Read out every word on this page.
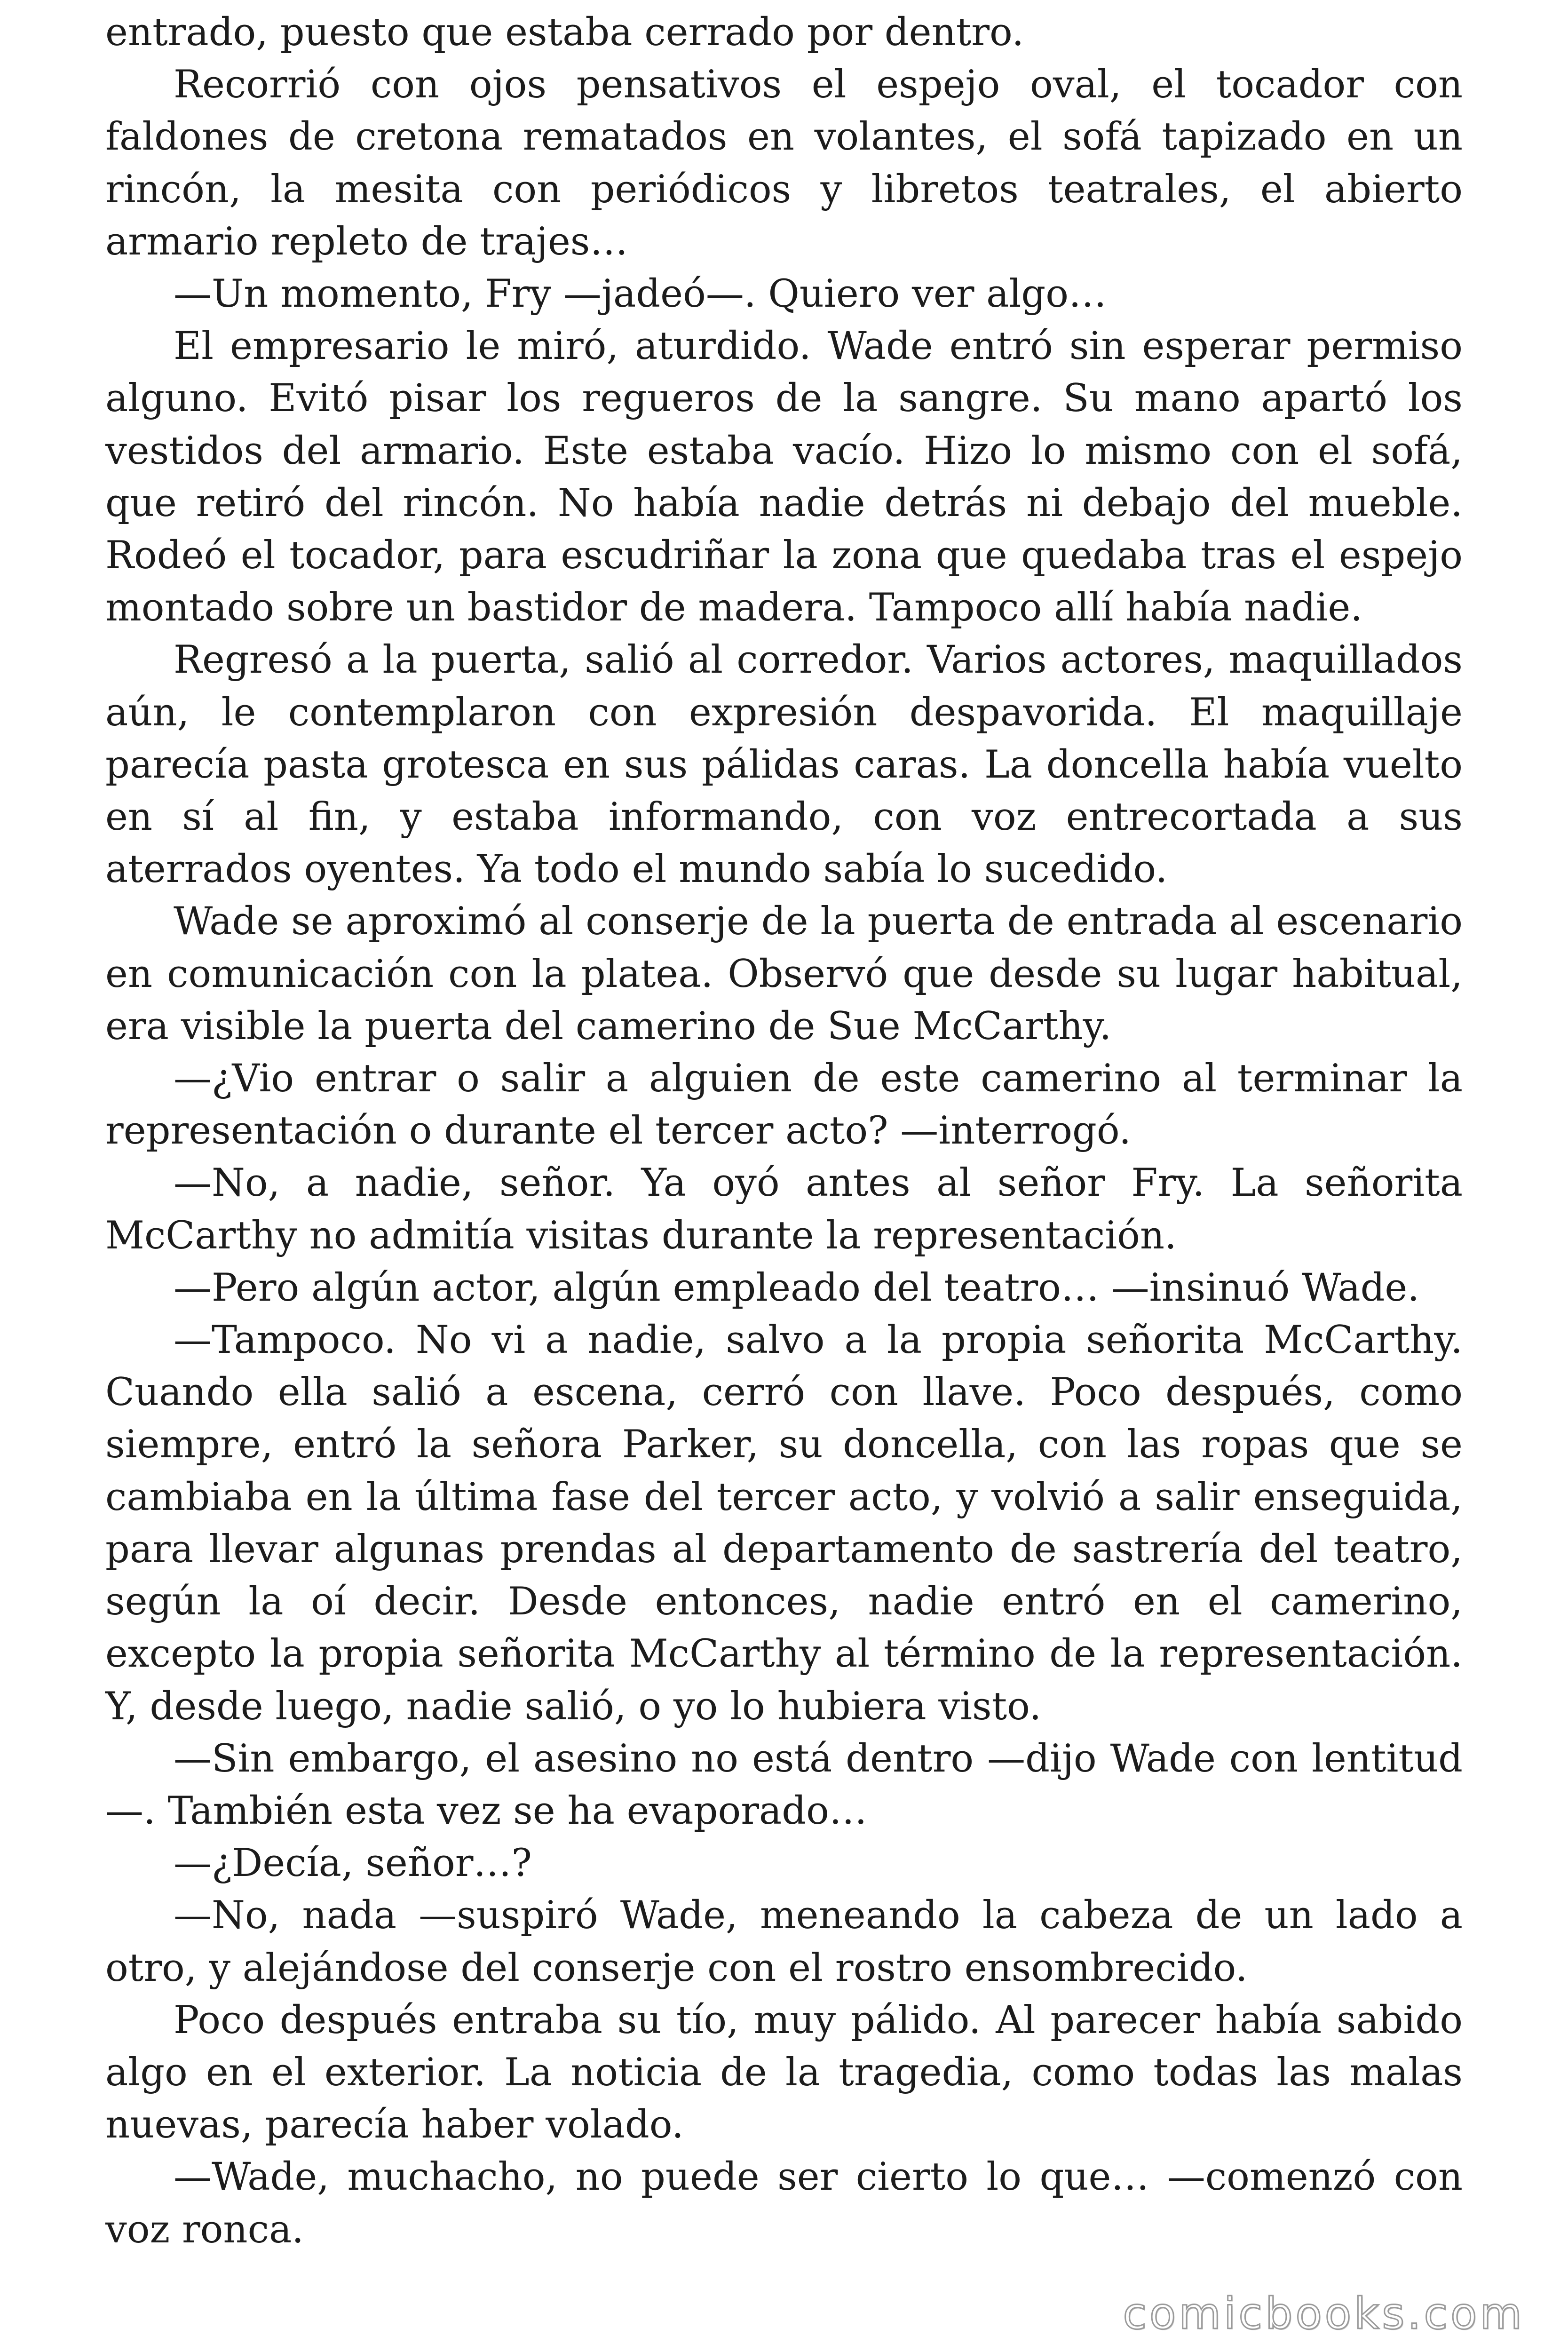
entrado, puesto que estaba cerrado por dentro.

Recorrió con ojos pensativos el espejo oval, el tocador con faldones de cretona rematados en volantes, el sofá tapizado en un rincón, la mesita con periódicos y libretos teatrales, el abierto armario repleto de trajes…

—Un momento, Fry —jadeó—. Quiero ver algo…

El empresario le miró, aturdido. Wade entró sin esperar permiso alguno. Evitó pisar los regueros de la sangre. Su mano apartó los vestidos del armario. Este estaba vacío. Hizo lo mismo con el sofá, que retiró del rincón. No había nadie detrás ni debajo del mueble. Rodeó el tocador, para escudriñar la zona que quedaba tras el espejo montado sobre un bastidor de madera. Tampoco allí había nadie.

Regresó a la puerta, salió al corredor. Varios actores, maquillados aún, le contemplaron con expresión despavorida. El maquillaje parecía pasta grotesca en sus pálidas caras. La doncella había vuelto en sí al fin, y estaba informando, con voz entrecortada a sus aterrados oyentes. Ya todo el mundo sabía lo sucedido.

Wade se aproximó al conserje de la puerta de entrada al escenario en comunicación con la platea. Observó que desde su lugar habitual, era visible la puerta del camerino de Sue McCarthy.

—¿Vio entrar o salir a alguien de este camerino al terminar la representación o durante el tercer acto? —interrogó.

—No, a nadie, señor. Ya oyó antes al señor Fry. La señorita McCarthy no admitía visitas durante la representación.

—Pero algún actor, algún empleado del teatro… —insinuó Wade.

—Tampoco. No vi a nadie, salvo a la propia señorita McCarthy. Cuando ella salió a escena, cerró con llave. Poco después, como siempre, entró la señora Parker, su doncella, con las ropas que se cambiaba en la última fase del tercer acto, y volvió a salir enseguida, para llevar algunas prendas al departamento de sastrería del teatro, según la oí decir. Desde entonces, nadie entró en el camerino, excepto la propia señorita McCarthy al término de la representación. Y, desde luego, nadie salió, o yo lo hubiera visto.

—Sin embargo, el asesino no está dentro —dijo Wade con lentitud —. También esta vez se ha evaporado…

—¿Decía, señor…?

—No, nada —suspiró Wade, meneando la cabeza de un lado a otro, y alejándose del conserje con el rostro ensombrecido.

Poco después entraba su tío, muy pálido. Al parecer había sabido algo en el exterior. La noticia de la tragedia, como todas las malas nuevas, parecía haber volado.

—Wade, muchacho, no puede ser cierto lo que… —comenzó con voz ronca.

comicbooks.com
